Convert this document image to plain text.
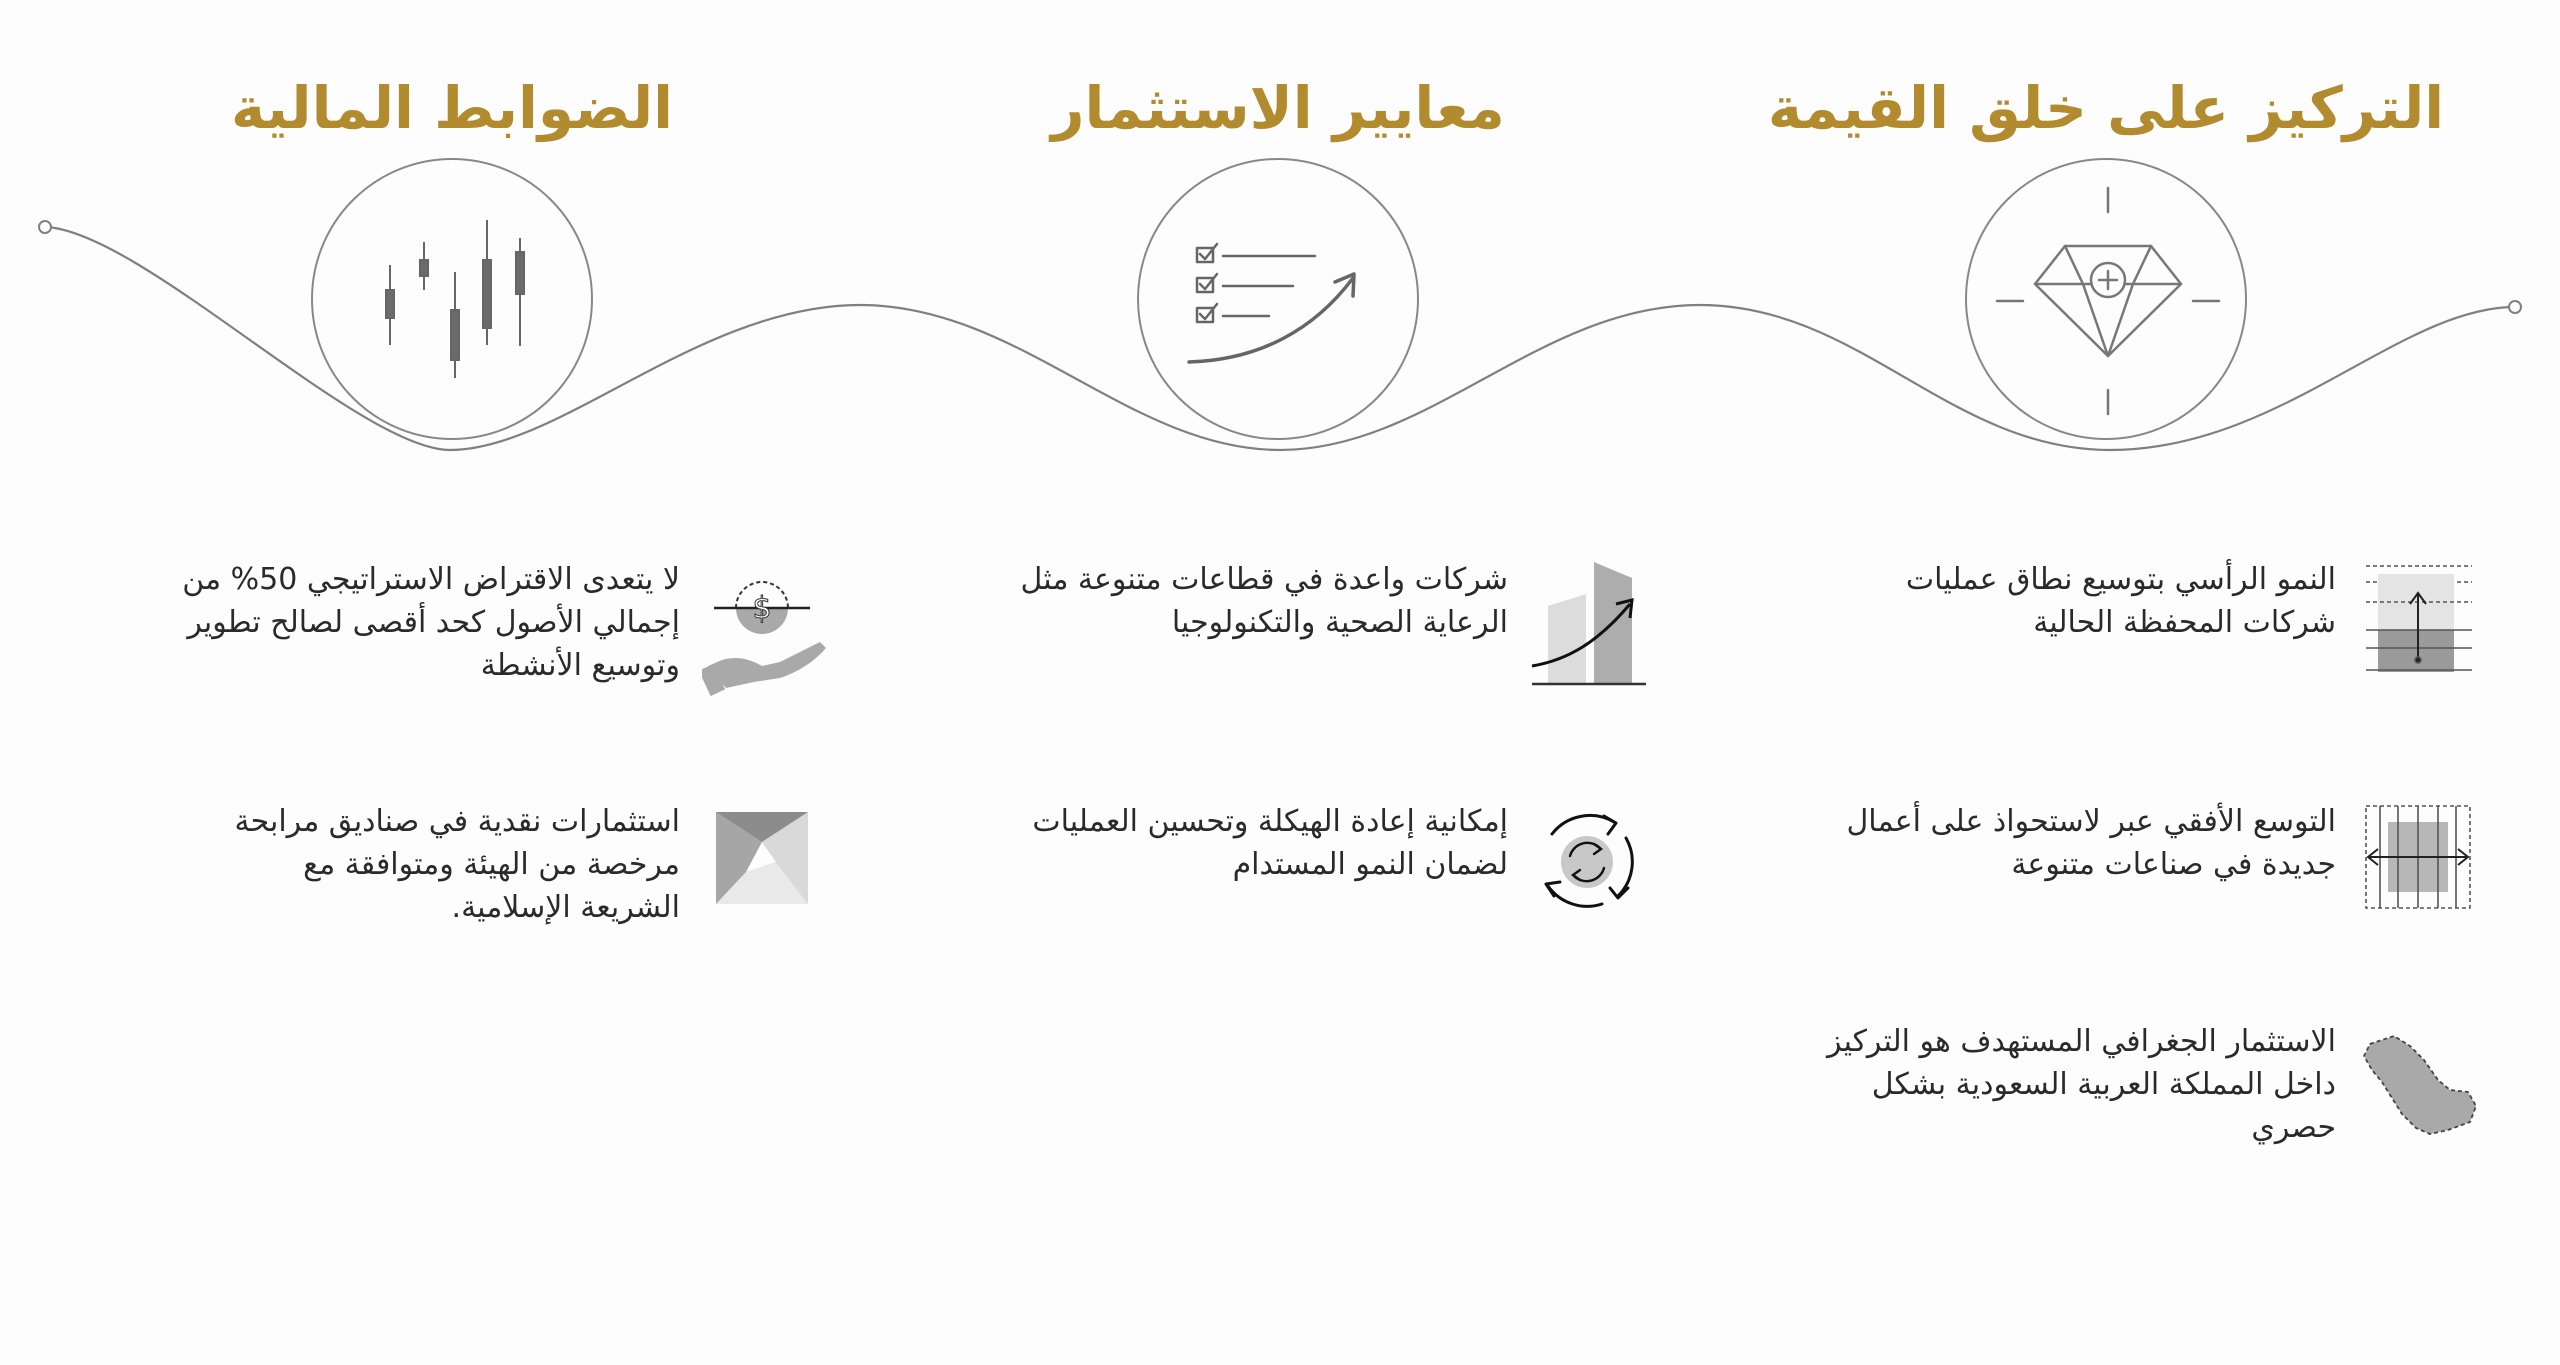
التركيز على خلق القيمة
معايير الاستثمار
الضوابط المالية
النمو الرأسي بتوسيع نطاق عمليات
شركات المحفظة الحالية
التوسع الأفقي عبر لاستحواذ على أعمال
جديدة في صناعات متنوعة
الاستثمار الجغرافي المستهدف هو التركيز
داخل المملكة العربية السعودية بشكل
حصري
شركات واعدة في قطاعات متنوعة مثل
الرعاية الصحية والتكنولوجيا
إمكانية إعادة الهيكلة وتحسين العمليات
لضمان النمو المستدام
لا يتعدى الاقتراض الاستراتيجي 50% من
إجمالي الأصول كحد أقصى لصالح تطوير
وتوسيع الأنشطة
$
استثمارات نقدية في صناديق مرابحة
مرخصة من الهيئة ومتوافقة مع
الشريعة الإسلامية.
